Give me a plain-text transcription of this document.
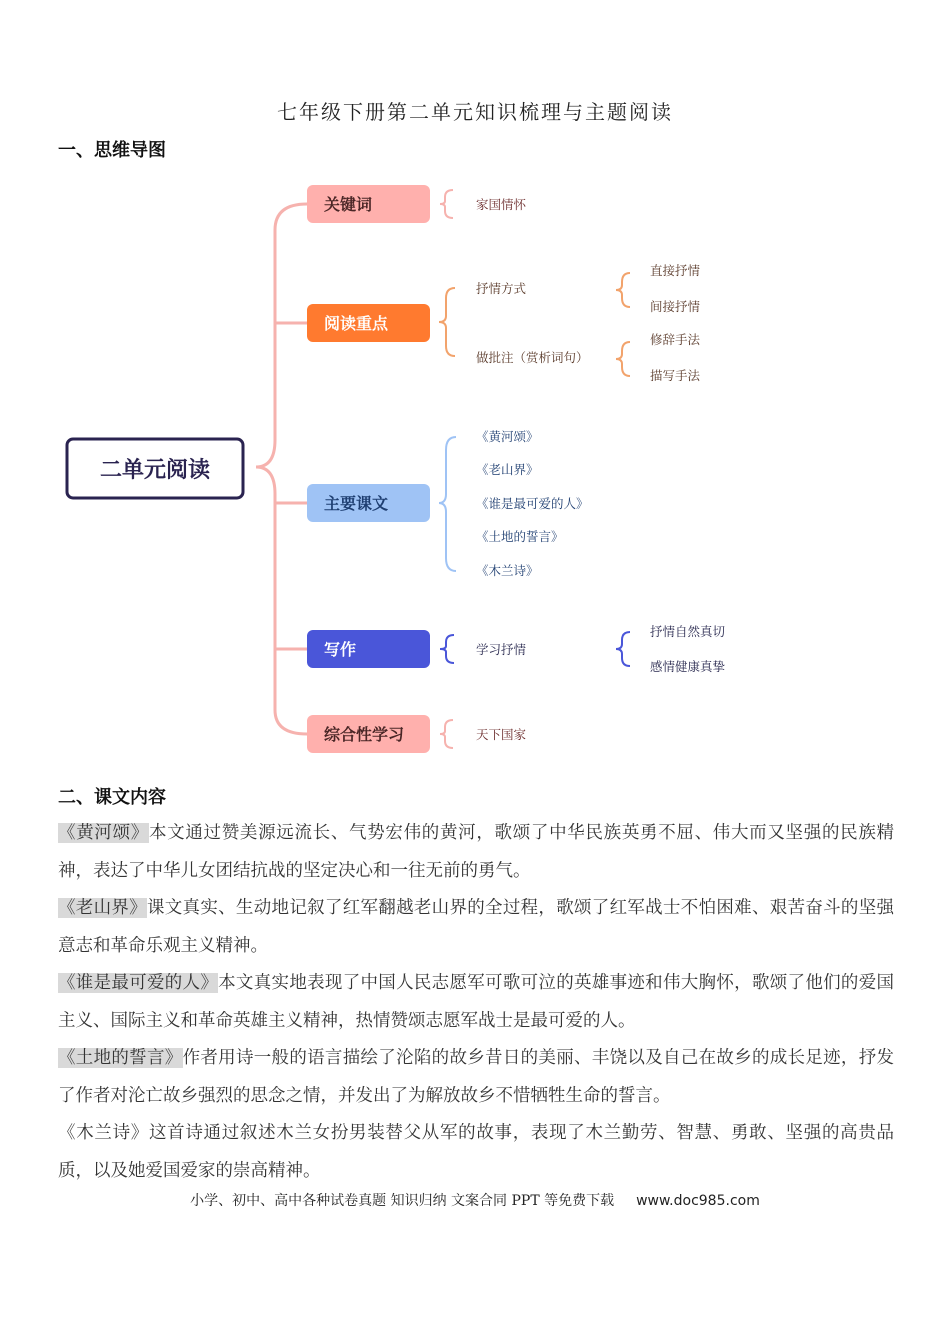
七年级下册第二单元知识梳理与主题阅读
一、思维导图
二单元阅读
关键词	家国情怀
阅读重点
抒情方式
做批注（赏析词句）
直接抒情
间接抒情
修辞手法
描写手法
主要课文
《黄河颂》
《老山界》
《谁是最可爱的人》
《土地的誓言》
《木兰诗》
写作	学习抒情
抒情自然真切
感情健康真挚
综合性学习	天下国家
二、课文内容

《黄河颂》本文通过赞美源远流长、气势宏伟的黄河，歌颂了中华民族英勇不屈、伟大而又坚强的民族精神，表达了中华儿女团结抗战的坚定决心和一往无前的勇气。

《老山界》课文真实、生动地记叙了红军翻越老山界的全过程，歌颂了红军战士不怕困难、艰苦奋斗的坚强意志和革命乐观主义精神。

《谁是最可爱的人》本文真实地表现了中国人民志愿军可歌可泣的英雄事迹和伟大胸怀，歌颂了他们的爱国主义、国际主义和革命英雄主义精神，热情赞颂志愿军战士是最可爱的人。

《土地的誓言》作者用诗一般的语言描绘了沦陷的故乡昔日的美丽、丰饶以及自己在故乡的成长足迹，抒发了作者对沦亡故乡强烈的思念之情，并发出了为解放故乡不惜牺牲生命的誓言。

《木兰诗》这首诗通过叙述木兰女扮男装替父从军的故事，表现了木兰勤劳、智慧、勇敢、坚强的高贵品质，以及她爱国爱家的崇高精神。

小学、初中、高中各种试卷真题 知识归纳 文案合同 PPT 等免费下载 www.doc985.com
